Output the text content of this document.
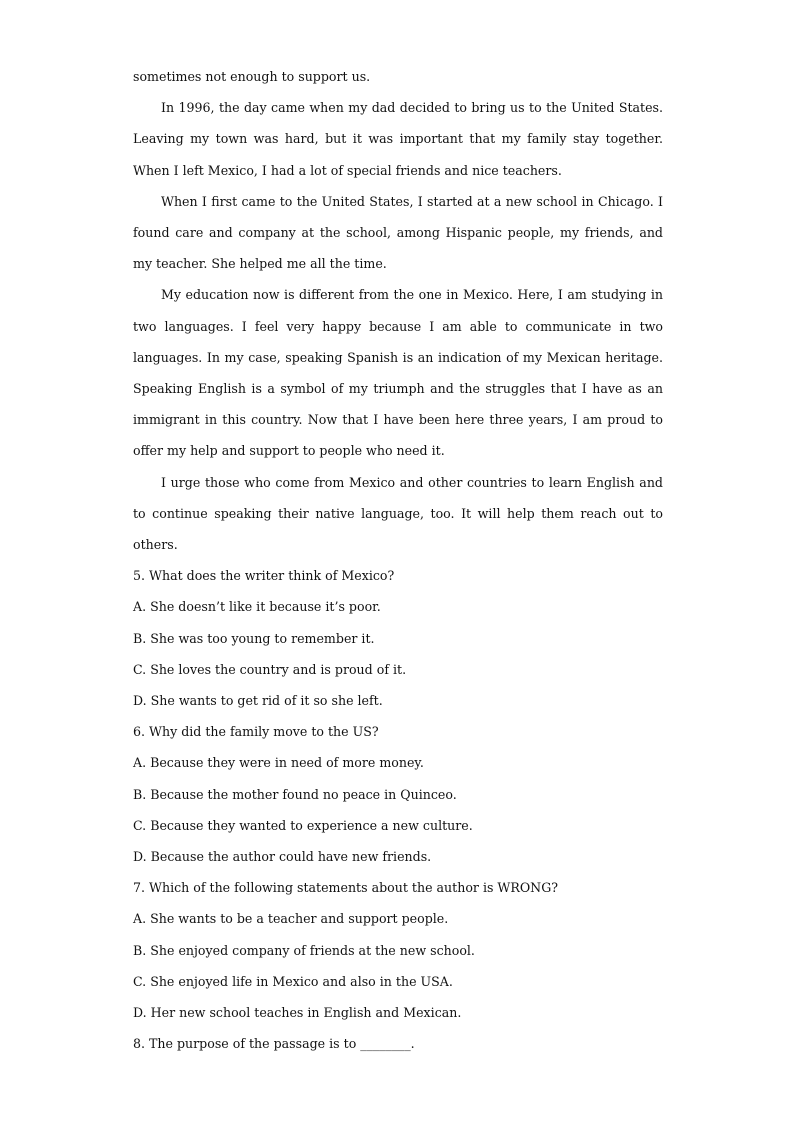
sometimes not enough to support us.

In 1996, the day came when my dad decided to bring us to the United States. Leaving my town was hard, but it was important that my family stay together. When I left Mexico, I had a lot of special friends and nice teachers.

When I first came to the United States, I started at a new school in Chicago. I found care and company at the school, among Hispanic people, my friends, and my teacher. She helped me all the time.

My education now is different from the one in Mexico. Here, I am studying in two languages. I feel very happy because I am able to communicate in two languages. In my case, speaking Spanish is an indication of my Mexican heritage. Speaking English is a symbol of my triumph and the struggles that I have as an immigrant in this country. Now that I have been here three years, I am proud to offer my help and support to people who need it.

I urge those who come from Mexico and other countries to learn English and to continue speaking their native language, too. It will help them reach out to others.

5. What does the writer think of Mexico?

A. She doesn’t like it because it’s poor.

B. She was too young to remember it.

C. She loves the country and is proud of it.

D. She wants to get rid of it so she left.

6. Why did the family move to the US?

A. Because they were in need of more money.

B. Because the mother found no peace in Quinceo.

C. Because they wanted to experience a new culture.

D. Because the author could have new friends.

7. Which of the following statements about the author is WRONG?

A. She wants to be a teacher and support people.

B. She enjoyed company of friends at the new school.

C. She enjoyed life in Mexico and also in the USA.

D. Her new school teaches in English and Mexican.

8. The purpose of the passage is to ________.
